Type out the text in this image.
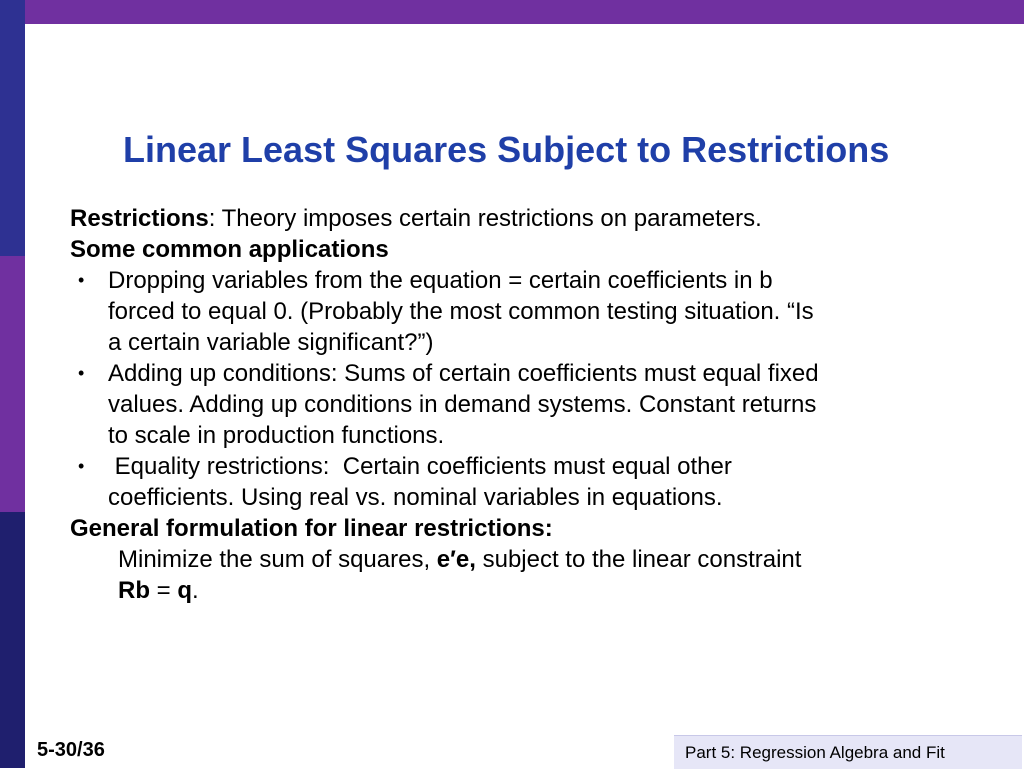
Linear Least Squares Subject to Restrictions
Restrictions: Theory imposes certain restrictions on parameters.
Some common applications
• Dropping variables from the equation = certain coefficients in b
forced to equal 0. (Probably the most common testing situation. “Is
a certain variable significant?”)
• Adding up conditions: Sums of certain coefficients must equal fixed
values. Adding up conditions in demand systems. Constant returns
to scale in production functions.
• Equality restrictions:  Certain coefficients must equal other
coefficients. Using real vs. nominal variables in equations.
General formulation for linear restrictions:
Minimize the sum of squares, e′e, subject to the linear constraint
Rb = q.
5-30/36	Part 5: Regression Algebra and Fit
